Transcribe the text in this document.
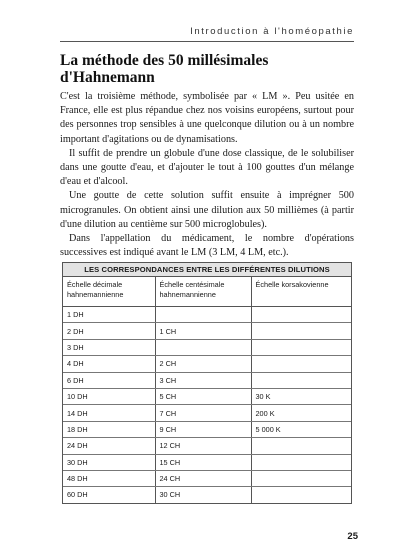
Introduction à l'homéopathie
La méthode des 50 millésimales d'Hahnemann

C'est la troisième méthode, symbolisée par « LM ». Peu usitée en France, elle est plus répandue chez nos voisins européens, surtout pour des personnes trop sensibles à une quelconque dilution ou à un nombre important d'agitations ou de dynamisations.

Il suffit de prendre un globule d'une dose classique, de le solubiliser dans une goutte d'eau, et d'ajouter le tout à 100 gouttes d'un mélange d'eau et d'alcool.

Une goutte de cette solution suffit ensuite à imprégner 500 microgranules. On obtient ainsi une dilution aux 50 millièmes (à partir d'une dilution au centième sur 500 microglobules).

Dans l'appellation du médicament, le nombre d'opérations successives est indiqué avant le LM (3 LM, 4 LM, etc.).

LES CORRESPONDANCES ENTRE LES DIFFÉRENTES DILUTIONS
Échelle décimale hahnemannienne	Échelle centésimale hahnemannienne	Échelle korsakovienne
1 DH		
2 DH	1 CH	
3 DH		
4 DH	2 CH	
6 DH	3 CH	
10 DH	5 CH	30 K
14 DH	7 CH	200 K
18 DH	9 CH	5 000 K
24 DH	12 CH	
30 DH	15 CH	
48 DH	24 CH	
60 DH	30 CH	
25
